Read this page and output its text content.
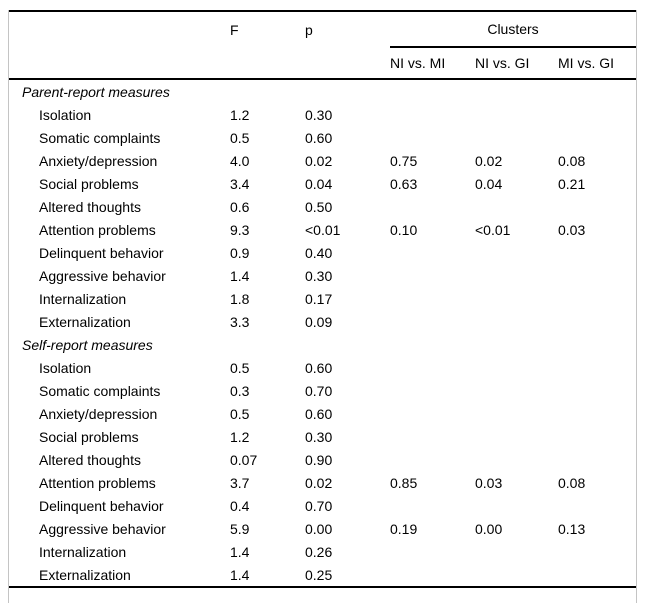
	F	p	Clusters		
			NI vs. MI	NI vs. GI	MI vs. GI
Parent-report measures					
Isolation	1.2	0.30			
Somatic complaints	0.5	0.60			
Anxiety/depression	4.0	0.02	0.75	0.02	0.08
Social problems	3.4	0.04	0.63	0.04	0.21
Altered thoughts	0.6	0.50			
Attention problems	9.3	<0.01	0.10	<0.01	0.03
Delinquent behavior	0.9	0.40			
Aggressive behavior	1.4	0.30			
Internalization	1.8	0.17			
Externalization	3.3	0.09			
Self-report measures					
Isolation	0.5	0.60			
Somatic complaints	0.3	0.70			
Anxiety/depression	0.5	0.60			
Social problems	1.2	0.30			
Altered thoughts	0.07	0.90			
Attention problems	3.7	0.02	0.85	0.03	0.08
Delinquent behavior	0.4	0.70			
Aggressive behavior	5.9	0.00	0.19	0.00	0.13
Internalization	1.4	0.26			
Externalization	1.4	0.25			
